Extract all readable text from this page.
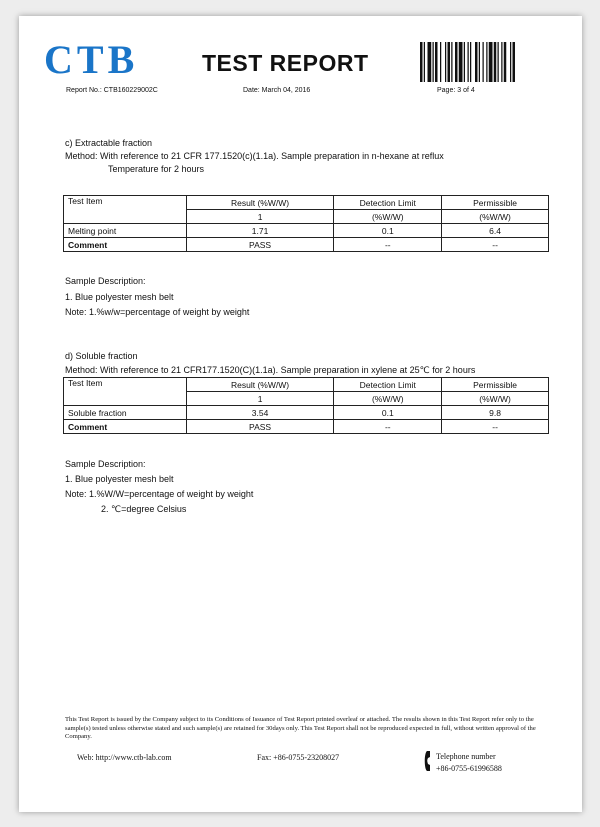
CTB	TEST REPORT
Report No.: CTB160229002C	Date: March 04, 2016	Page: 3 of 4
c) Extractable fraction
Method: With reference to 21 CFR 177.1520(c)(1.1a). Sample preparation in n-hexane at reflux
Temperature for 2 hours
Test Item	Result (%W/W)	Detection Limit	Permissible
	1	(%W/W)	(%W/W)
Melting point	1.71	0.1	6.4
Comment	PASS	--	--
Sample Description:
1. Blue polyester mesh belt
Note: 1.%w/w=percentage of weight by weight
d) Soluble fraction
Method: With reference to 21 CFR177.1520(C)(1.1a). Sample preparation in xylene at 25℃ for 2 hours
Test Item	Result (%W/W)	Detection Limit	Permissible
	1	(%W/W)	(%W/W)
Soluble fraction	3.54	0.1	9.8
Comment	PASS	--	--
Sample Description:
1. Blue polyester mesh belt
Note: 1.%W/W=percentage of weight by weight
2. ℃=degree Celsius
This Test Report is issued by the Company subject to its Conditions of Issuance of Test Report printed overleaf or attached. The results shown in this Test Report refer only to the sample(s) tested unless otherwise stated and such sample(s) are retained for 30days only. This Test Report shall not be reproduced expected in full, without written approval of the Company.
Web: http://www.ctb-lab.com	Fax: +86-0755-23208027	Telephone number
+86-0755-61996588
